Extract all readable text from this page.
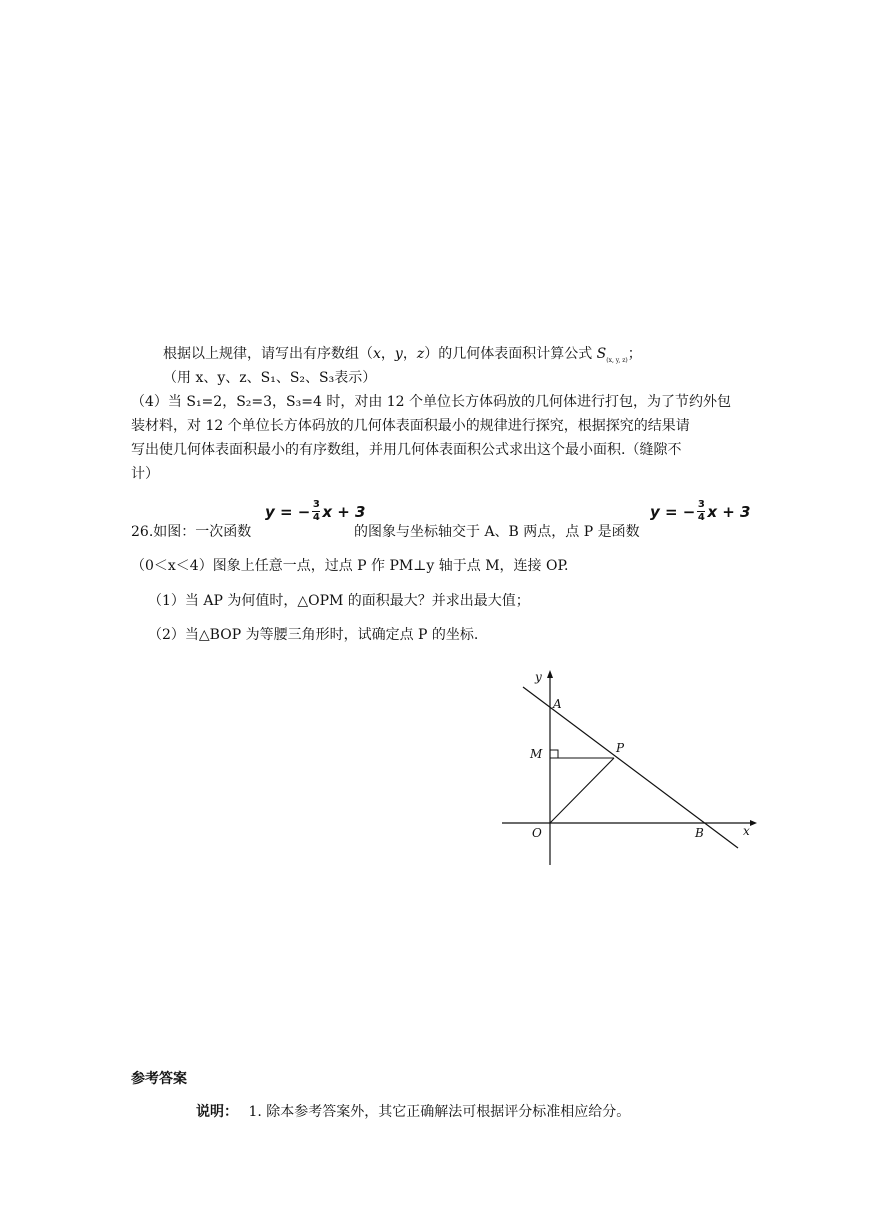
根据以上规律，请写出有序数组（x，y，z）的几何体表面积计算公式 $S_{(x, y, z)}$；
（用 x、y、z、S₁、S₂、S₃表示）
（4）当 S₁=2，S₂=3，S₃=4 时，对由 12 个单位长方体码放的几何体进行打包，为了节约外包
装材料，对 12 个单位长方体码放的几何体表面积最小的规律进行探究，根据探究的结果请
写出使几何体表面积最小的有序数组，并用几何体表面积公式求出这个最小面积.（缝隙不
计）
26.如图：一次函数
y = − $\frac{3}{4}$ x + 3
的图象与坐标轴交于 A、B 两点，点 P 是函数
y = − $\frac{3}{4}$ x + 3
（0＜x＜4）图象上任意一点，过点 P 作 PM⊥y 轴于点 M，连接 OP.
（1）当 AP 为何值时，△OPM 的面积最大？并求出最大值；
（2）当△BOP 为等腰三角形时，试确定点 P 的坐标.
y
A
M	P
O	B	x
参考答案
说明： 1. 除本参考答案外，其它正确解法可根据评分标准相应给分。
